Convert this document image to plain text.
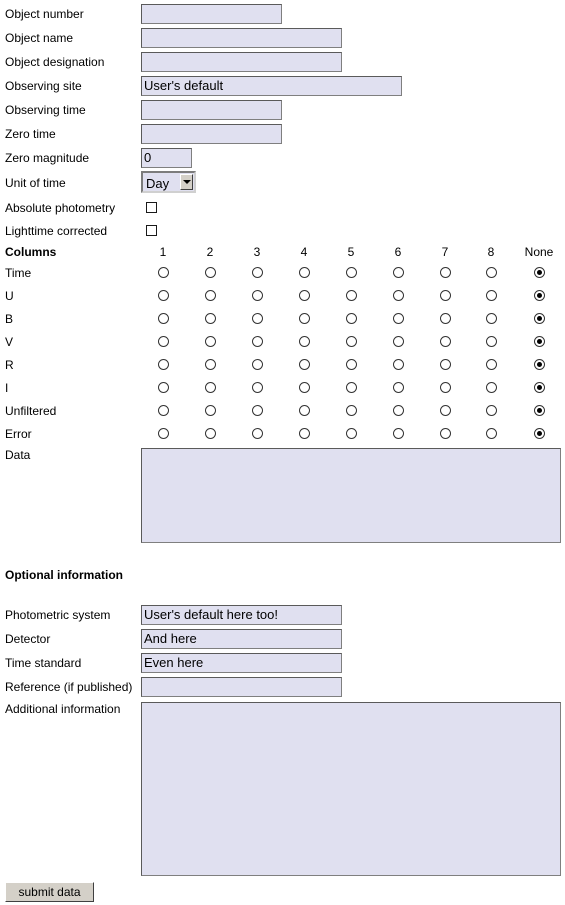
Object number
Object name
Object designation
Observing site	User's default
Observing time
Zero time
Zero magnitude	0
Unit of time	Day
Absolute photometry
Lighttime corrected
Columns	1	2	3	4	5	6	7	8	None
Time
U
B
V
R
I
Unfiltered
Error
Data
Optional information
Photometric system	User's default here too!
Detector	And here
Time standard	Even here
Reference (if published)
Additional information
submit data
